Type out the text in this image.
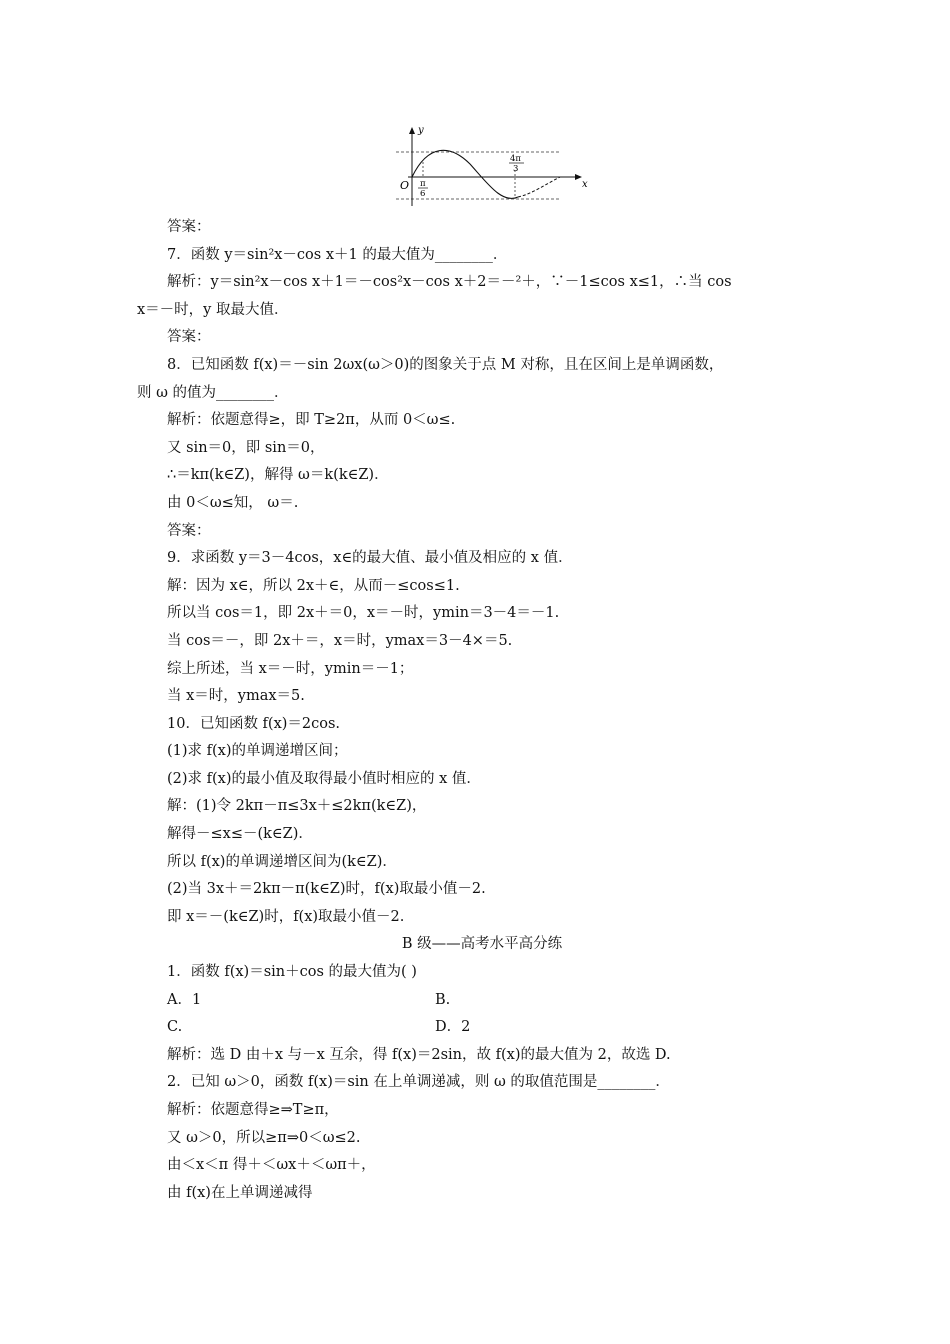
y
x
O π
6
4π
3
答案：
7．函数 y＝sin²x－cos x＋1 的最大值为________．
解析：y＝sin²x－cos x＋1＝－cos²x－cos x＋2＝－²＋，∵－1≤cos x≤1，∴当 cos
x＝－时，y 取最大值．
答案：
8．已知函数 f(x)＝－sin 2ωx(ω＞0)的图象关于点 M 对称，且在区间上是单调函数，
则 ω 的值为________．
解析：依题意得≥，即 T≥2π，从而 0＜ω≤.
又 sin＝0，即 sin＝0，
∴＝kπ(k∈Z)，解得 ω＝k(k∈Z)．
由 0＜ω≤知， ω＝.
答案：
9．求函数 y＝3－4cos，x∈的最大值、最小值及相应的 x 值．
解：因为 x∈，所以 2x＋∈，从而－≤cos≤1.
所以当 cos＝1，即 2x＋＝0，x＝－时，ymin＝3－4＝－1.
当 cos＝－，即 2x＋＝，x＝时，ymax＝3－4×＝5.
综上所述，当 x＝－时，ymin＝－1；
当 x＝时，ymax＝5.
10．已知函数 f(x)＝2cos.
(1)求 f(x)的单调递增区间；
(2)求 f(x)的最小值及取得最小值时相应的 x 值．
解：(1)令 2kπ－π≤3x＋≤2kπ(k∈Z)，
解得－≤x≤－(k∈Z)．
所以 f(x)的单调递增区间为(k∈Z)．
(2)当 3x＋＝2kπ－π(k∈Z)时，f(x)取最小值－2.
即 x＝－(k∈Z)时，f(x)取最小值－2.
B 级——高考水平高分练
1．函数 f(x)＝sin＋cos 的最大值为( )
A．1	B.
C.	D．2
解析：选 D 由＋x 与－x 互余，得 f(x)＝2sin，故 f(x)的最大值为 2，故选 D.
2．已知 ω＞0，函数 f(x)＝sin 在上单调递减，则 ω 的取值范围是________．
解析：依题意得≥⇒T≥π，
又 ω＞0，所以≥π⇒0＜ω≤2.
由＜x＜π 得＋＜ωx＋＜ωπ＋，
由 f(x)在上单调递减得
